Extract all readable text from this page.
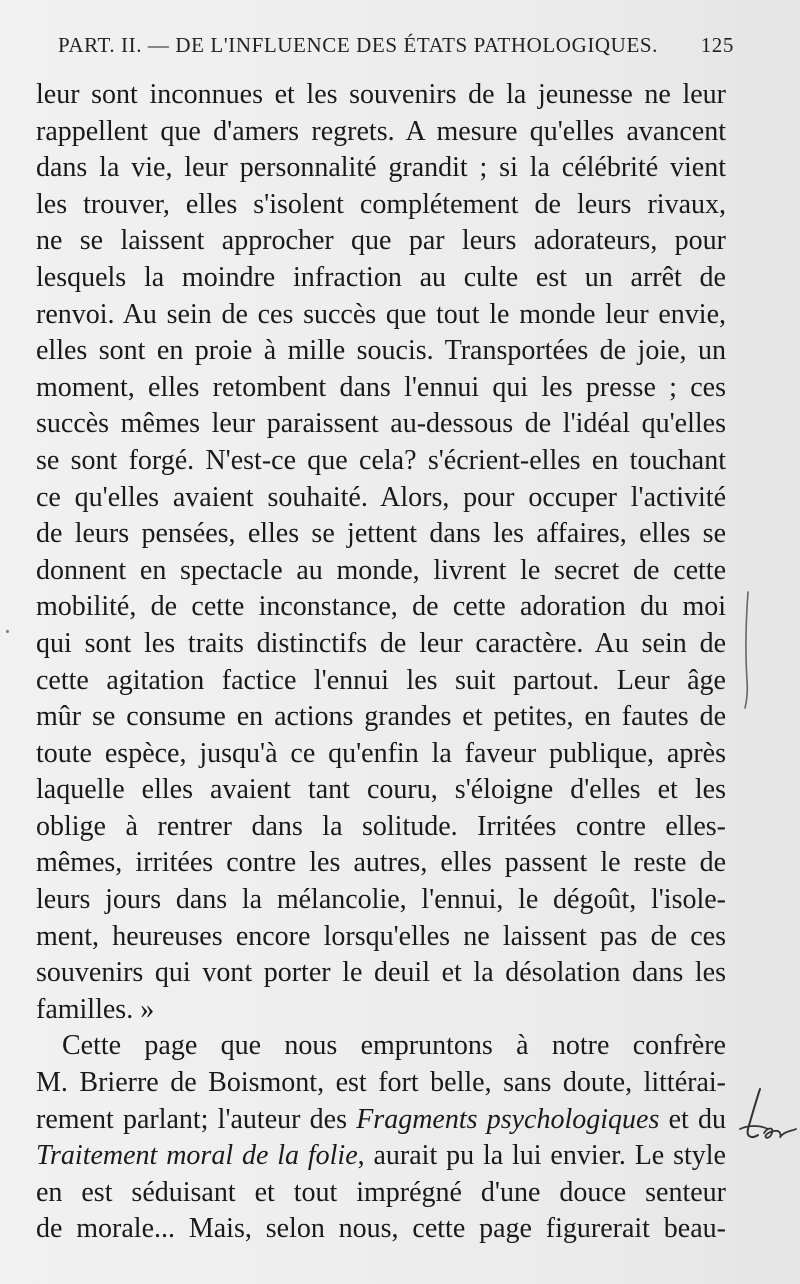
PART. II. — DE L'INFLUENCE DES ÉTATS PATHOLOGIQUES. 125
leur sont inconnues et les souvenirs de la jeunesse ne leur
rappellent que d'amers regrets. A mesure qu'elles avancent
dans la vie, leur personnalité grandit ; si la célébrité vient
les trouver, elles s'isolent complétement de leurs rivaux,
ne se laissent approcher que par leurs adorateurs, pour
lesquels la moindre infraction au culte est un arrêt de
renvoi. Au sein de ces succès que tout le monde leur envie,
elles sont en proie à mille soucis. Transportées de joie, un
moment, elles retombent dans l'ennui qui les presse ; ces
succès mêmes leur paraissent au-dessous de l'idéal qu'elles
se sont forgé. N'est-ce que cela? s'écrient-elles en touchant
ce qu'elles avaient souhaité. Alors, pour occuper l'activité
de leurs pensées, elles se jettent dans les affaires, elles se
donnent en spectacle au monde, livrent le secret de cette
mobilité, de cette inconstance, de cette adoration du moi
qui sont les traits distinctifs de leur caractère. Au sein de
cette agitation factice l'ennui les suit partout. Leur âge
mûr se consume en actions grandes et petites, en fautes de
toute espèce, jusqu'à ce qu'enfin la faveur publique, après
laquelle elles avaient tant couru, s'éloigne d'elles et les
oblige à rentrer dans la solitude. Irritées contre elles-
mêmes, irritées contre les autres, elles passent le reste de
leurs jours dans la mélancolie, l'ennui, le dégoût, l'isole-
ment, heureuses encore lorsqu'elles ne laissent pas de ces
souvenirs qui vont porter le deuil et la désolation dans les
familles. »
Cette page que nous empruntons à notre confrère
M. Brierre de Boismont, est fort belle, sans doute, littérai-
rement parlant; l'auteur des Fragments psychologiques et du
Traitement moral de la folie, aurait pu la lui envier. Le style
en est séduisant et tout imprégné d'une douce senteur
de morale... Mais, selon nous, cette page figurerait beau-
